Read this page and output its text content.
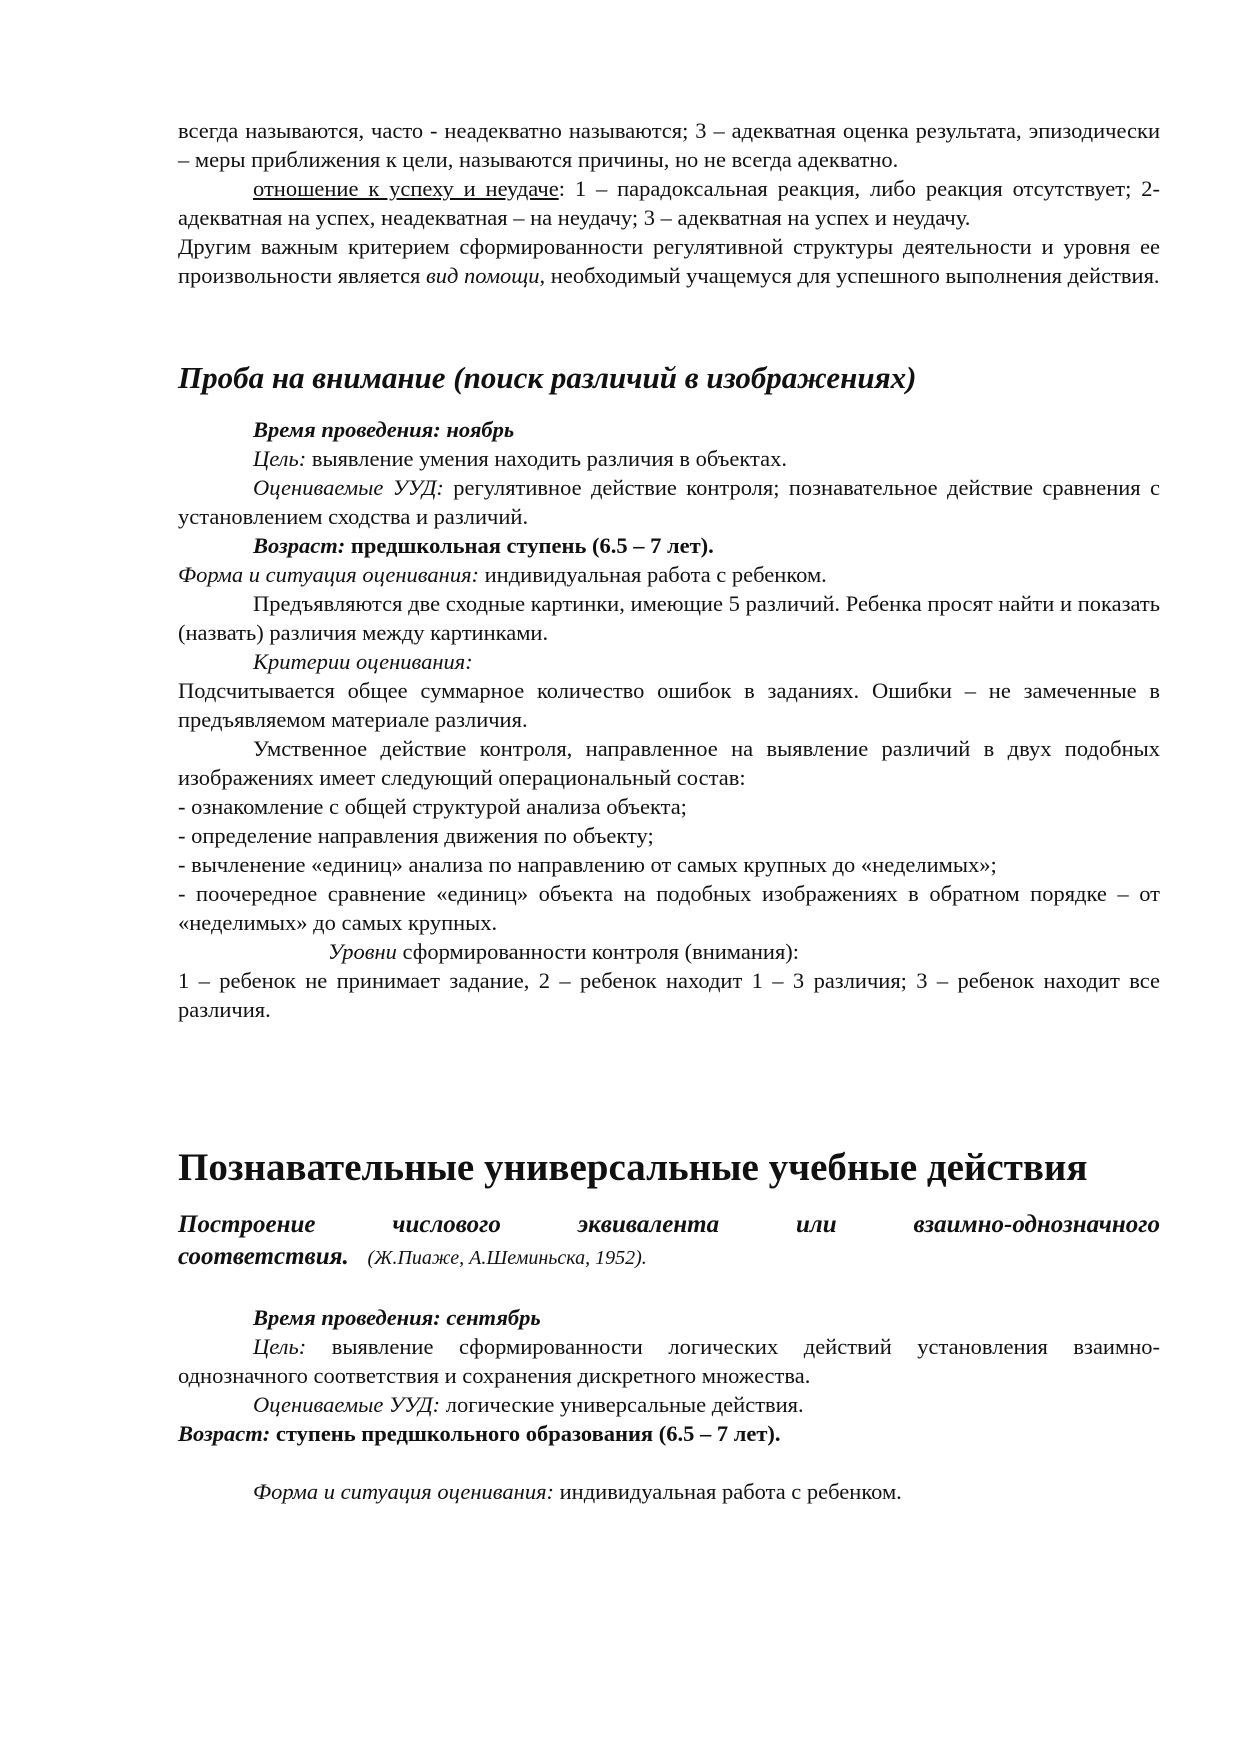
всегда называются, часто - неадекватно называются; 3 – адекватная оценка результата, эпизодически – меры приближения к цели, называются причины, но не всегда адекватно.

отношение к успеху и неудаче: 1 – парадоксальная реакция, либо реакция отсутствует; 2- адекватная на успех, неадекватная – на неудачу; 3 – адекватная на успех и неудачу.

Другим важным критерием сформированности регулятивной структуры деятельности и уровня ее произвольности является вид помощи, необходимый учащемуся для успешного выполнения действия.

Проба на внимание (поиск различий в изображениях)

Время проведения: ноябрь

Цель: выявление умения находить различия в объектах.

Оцениваемые УУД: регулятивное действие контроля; познавательное действие сравнения с установлением сходства и различий.

Возраст: предшкольная ступень (6.5 – 7 лет).

Форма и ситуация оценивания: индивидуальная работа с ребенком.

Предъявляются две сходные картинки, имеющие 5 различий. Ребенка просят найти и показать (назвать) различия между картинками.

Критерии оценивания:

Подсчитывается общее суммарное количество ошибок в заданиях. Ошибки – не замеченные в предъявляемом материале различия.

Умственное действие контроля, направленное на выявление различий в двух подобных изображениях имеет следующий операциональный состав:

- ознакомление с общей структурой анализа объекта;

- определение направления движения по объекту;

- вычленение «единиц» анализа по направлению от самых крупных до «неделимых»;

- поочередное сравнение «единиц» объекта на подобных изображениях в обратном порядке – от «неделимых» до самых крупных.

Уровни сформированности контроля (внимания):

1 – ребенок не принимает задание, 2 – ребенок находит 1 – 3 различия; 3 – ребенок находит все различия.

Познавательные универсальные учебные действия
Построение	числового	эквивалента	или	взаимно-однозначного
соответствия. (Ж.Пиаже, А.Шеминьска, 1952).

Время проведения: сентябрь

Цель: выявление сформированности логических действий установления взаимно-однозначного соответствия и сохранения дискретного множества.

Оцениваемые УУД: логические универсальные действия.

Возраст: ступень предшкольного образования (6.5 – 7 лет).

Форма и ситуация оценивания: индивидуальная работа с ребенком.
